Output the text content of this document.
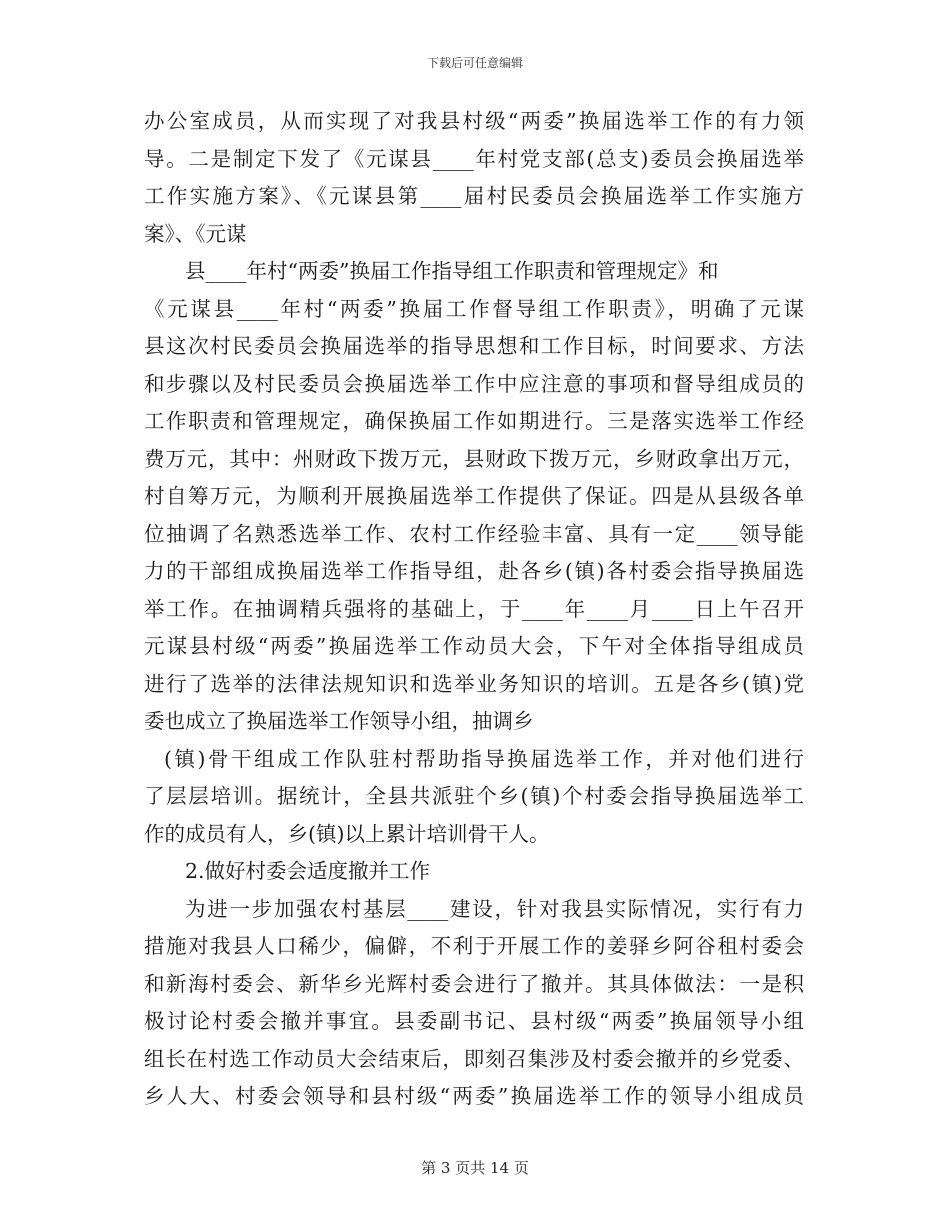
下载后可任意编辑
办公室成员，从而实现了对我县村级“两委”换届选举工作的有力领
导。二是制定下发了《元谋县____年村党支部(总支)委员会换届选举
工作实施方案》、《元谋县第____届村民委员会换届选举工作实施方
案》、《元谋
县____年村“两委”换届工作指导组工作职责和管理规定》和
《元谋县____年村“两委”换届工作督导组工作职责》，明确了元谋
县这次村民委员会换届选举的指导思想和工作目标，时间要求、方法
和步骤以及村民委员会换届选举工作中应注意的事项和督导组成员的
工作职责和管理规定，确保换届工作如期进行。三是落实选举工作经
费万元，其中：州财政下拨万元，县财政下拨万元，乡财政拿出万元，
村自筹万元，为顺利开展换届选举工作提供了保证。四是从县级各单
位抽调了名熟悉选举工作、农村工作经验丰富、具有一定____领导能
力的干部组成换届选举工作指导组，赴各乡(镇)各村委会指导换届选
举工作。在抽调精兵强将的基础上，于____年____月____日上午召开
元谋县村级“两委”换届选举工作动员大会，下午对全体指导组成员
进行了选举的法律法规知识和选举业务知识的培训。五是各乡(镇)党
委也成立了换届选举工作领导小组，抽调乡
(镇)骨干组成工作队驻村帮助指导换届选举工作，并对他们进行
了层层培训。据统计，全县共派驻个乡(镇)个村委会指导换届选举工
作的成员有人，乡(镇)以上累计培训骨干人。
2.做好村委会适度撤并工作
为进一步加强农村基层____建设，针对我县实际情况，实行有力
措施对我县人口稀少，偏僻，不利于开展工作的姜驿乡阿谷租村委会
和新海村委会、新华乡光辉村委会进行了撤并。其具体做法：一是积
极讨论村委会撤并事宜。县委副书记、县村级“两委”换届领导小组
组长在村选工作动员大会结束后，即刻召集涉及村委会撤并的乡党委、
乡人大、村委会领导和县村级“两委”换届选举工作的领导小组成员
第 3 页共 14 页
